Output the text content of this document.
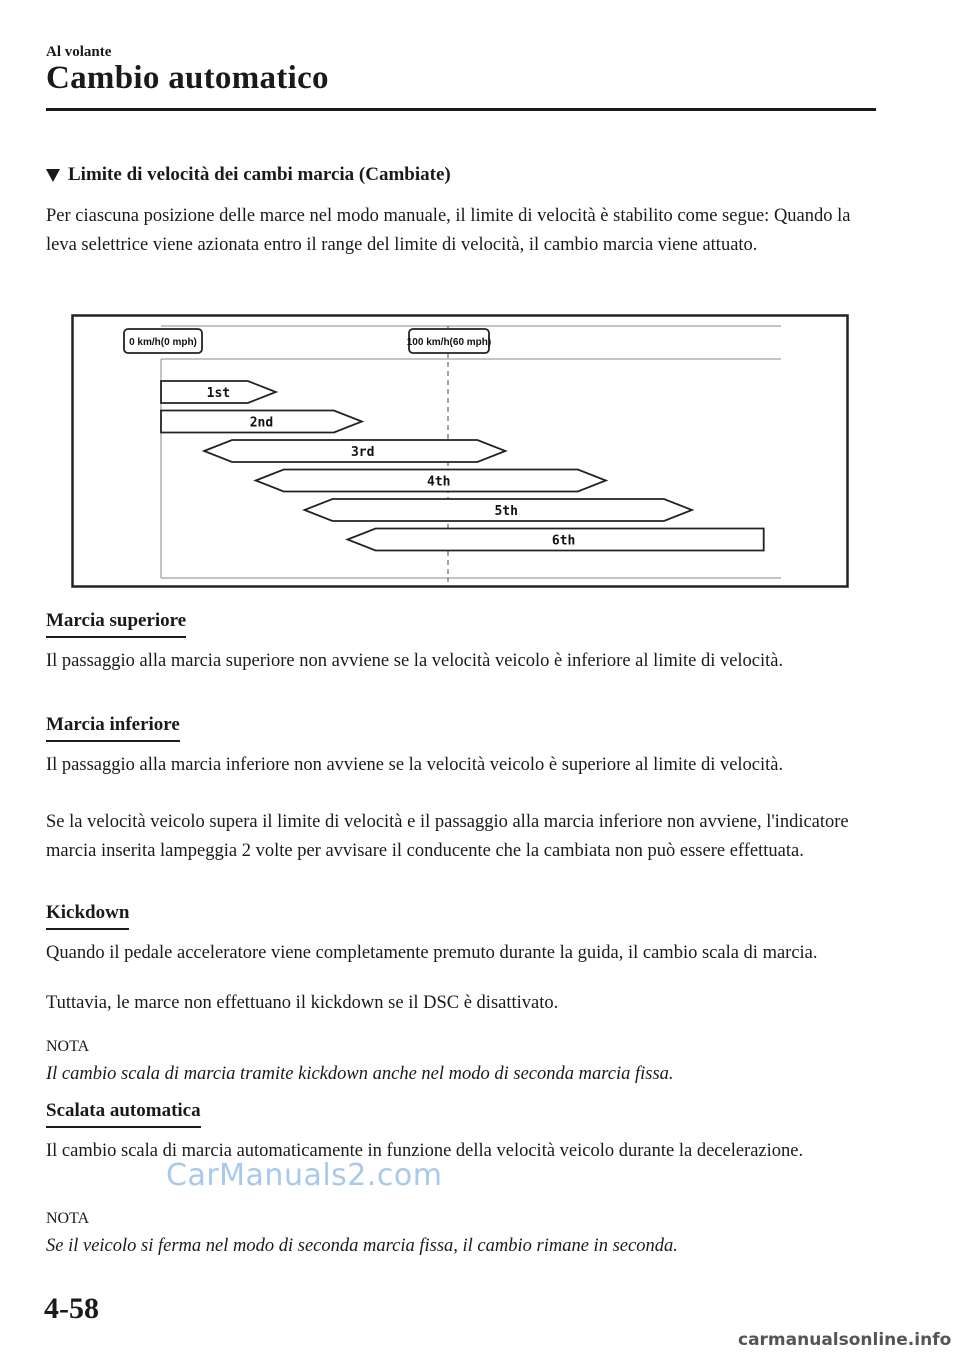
Al volante
Cambio automatico
Limite di velocità dei cambi marcia (Cambiate)

Per ciascuna posizione delle marce nel modo manuale, il limite di velocità è stabilito come segue: Quando la leva selettrice viene azionata entro il range del limite di velocità, il cambio marcia viene attuato.

0 km/h(0 mph)	100 km/h(60 mph)
1st
2nd
3rd
4th
5th
6th
Marcia superiore

Il passaggio alla marcia superiore non avviene se la velocità veicolo è inferiore al limite di velocità.

Marcia inferiore

Il passaggio alla marcia inferiore non avviene se la velocità veicolo è superiore al limite di velocità.

Se la velocità veicolo supera il limite di velocità e il passaggio alla marcia inferiore non avviene, l'indicatore marcia inserita lampeggia 2 volte per avvisare il conducente che la cambiata non può essere effettuata.

Kickdown

Quando il pedale acceleratore viene completamente premuto durante la guida, il cambio scala di marcia.

Tuttavia, le marce non effettuano il kickdown se il DSC è disattivato.

NOTA

Il cambio scala di marcia tramite kickdown anche nel modo di seconda marcia fissa.

Scalata automatica

Il cambio scala di marcia automaticamente in funzione della velocità veicolo durante la decelerazione.

CarManuals2.com
NOTA

Se il veicolo si ferma nel modo di seconda marcia fissa, il cambio rimane in seconda.

4-58
carmanualsonline.info
